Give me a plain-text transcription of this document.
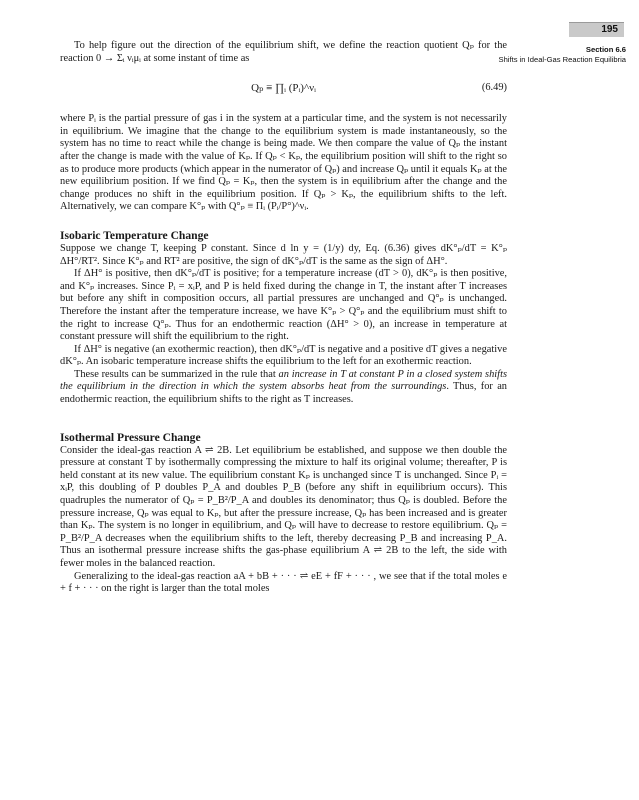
195
Section 6.6
Shifts in Ideal-Gas Reaction Equilibria

To help figure out the direction of the equilibrium shift, we define the reaction quotient Qₚ for the reaction 0 → Σᵢ νᵢμᵢ at some instant of time as

Qₚ ≡ ∏ᵢ (Pᵢ)^νᵢ	(6.49)

where Pᵢ is the partial pressure of gas i in the system at a particular time, and the system is not necessarily in equilibrium. We imagine that the change to the equilibrium system is made instantaneously, so the system has no time to react while the change is being made. We then compare the value of Qₚ the instant after the change is made with the value of Kₚ. If Qₚ < Kₚ, the equilibrium position will shift to the right so as to produce more products (which appear in the numerator of Qₚ) and increase Qₚ until it equals Kₚ at the new equilibrium position. If we find Qₚ = Kₚ, then the system is in equilibrium after the change and the change produces no shift in the equilibrium position. If Qₚ > Kₚ, the equilibrium shifts to the left. Alternatively, we can compare K°ₚ with Q°ₚ ≡ Πᵢ (Pᵢ/P°)^νᵢ.

Isobaric Temperature Change

Suppose we change T, keeping P constant. Since d ln y = (1/y) dy, Eq. (6.36) gives dK°ₚ/dT = K°ₚ ΔH°/RT². Since K°ₚ and RT² are positive, the sign of dK°ₚ/dT is the same as the sign of ΔH°.

If ΔH° is positive, then dK°ₚ/dT is positive; for a temperature increase (dT > 0), dK°ₚ is then positive, and K°ₚ increases. Since Pᵢ = xᵢP, and P is held fixed during the change in T, the instant after T increases but before any shift in composition occurs, all partial pressures are unchanged and Q°ₚ is unchanged. Therefore the instant after the temperature increase, we have K°ₚ > Q°ₚ and the equilibrium must shift to the right to increase Q°ₚ. Thus for an endothermic reaction (ΔH° > 0), an increase in temperature at constant pressure will shift the equilibrium to the right.

If ΔH° is negative (an exothermic reaction), then dK°ₚ/dT is negative and a positive dT gives a negative dK°ₚ. An isobaric temperature increase shifts the equilibrium to the left for an exothermic reaction.

These results can be summarized in the rule that an increase in T at constant P in a closed system shifts the equilibrium in the direction in which the system absorbs heat from the surroundings. Thus, for an endothermic reaction, the equilibrium shifts to the right as T increases.

Isothermal Pressure Change

Consider the ideal-gas reaction A ⇌ 2B. Let equilibrium be established, and suppose we then double the pressure at constant T by isothermally compressing the mixture to half its original volume; thereafter, P is held constant at its new value. The equilibrium constant Kₚ is unchanged since T is unchanged. Since Pᵢ = xᵢP, this doubling of P doubles P_A and doubles P_B (before any shift in equilibrium occurs). This quadruples the numerator of Qₚ = P_B²/P_A and doubles its denominator; thus Qₚ is doubled. Before the pressure increase, Qₚ was equal to Kₚ, but after the pressure increase, Qₚ has been increased and is greater than Kₚ. The system is no longer in equilibrium, and Qₚ will have to decrease to restore equilibrium. Qₚ = P_B²/P_A decreases when the equilibrium shifts to the left, thereby decreasing P_B and increasing P_A. Thus an isothermal pressure increase shifts the gas-phase equilibrium A ⇌ 2B to the left, the side with fewer moles in the balanced reaction.

Generalizing to the ideal-gas reaction aA + bB + · · · ⇌ eE + fF + · · · , we see that if the total moles e + f + · · · on the right is larger than the total moles
